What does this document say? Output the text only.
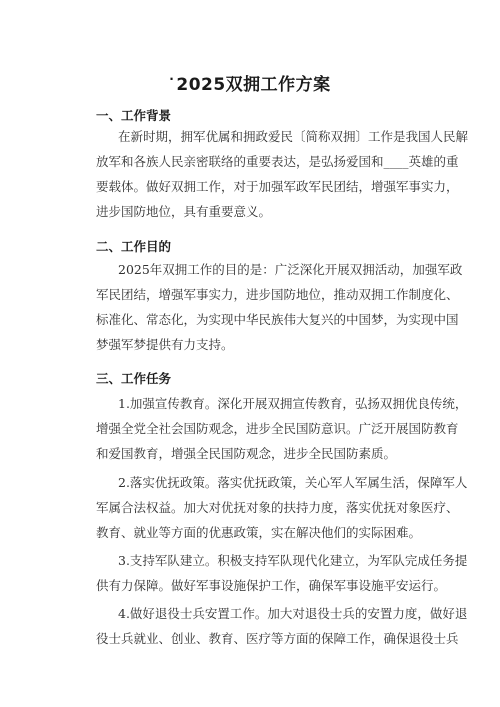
· 2025双拥工作方案
一、工作背景
在新时期，拥军优属和拥政爱民〔简称双拥〕工作是我国人民解
放军和各族人民亲密联络的重要表达，是弘扬爱国和____英雄的重
要载体。做好双拥工作，对于加强军政军民团结，增强军事实力，
进步国防地位，具有重要意义。
二、工作目的
2025年双拥工作的目的是：广泛深化开展双拥活动，加强军政
军民团结，增强军事实力，进步国防地位，推动双拥工作制度化、
标准化、常态化，为实现中华民族伟大复兴的中国梦，为实现中国
梦强军梦提供有力支持。
三、工作任务
1.加强宣传教育。深化开展双拥宣传教育，弘扬双拥优良传统，
增强全党全社会国防观念，进步全民国防意识。广泛开展国防教育
和爱国教育，增强全民国防观念，进步全民国防素质。
2.落实优抚政策。落实优抚政策，关心军人军属生活，保障军人
军属合法权益。加大对优抚对象的扶持力度，落实优抚对象医疗、
教育、就业等方面的优惠政策，实在解决他们的实际困难。
3.支持军队建立。积极支持军队现代化建立，为军队完成任务提
供有力保障。做好军事设施保护工作，确保军事设施平安运行。
4.做好退役士兵安置工作。加大对退役士兵的安置力度，做好退
役士兵就业、创业、教育、医疗等方面的保障工作，确保退役士兵
